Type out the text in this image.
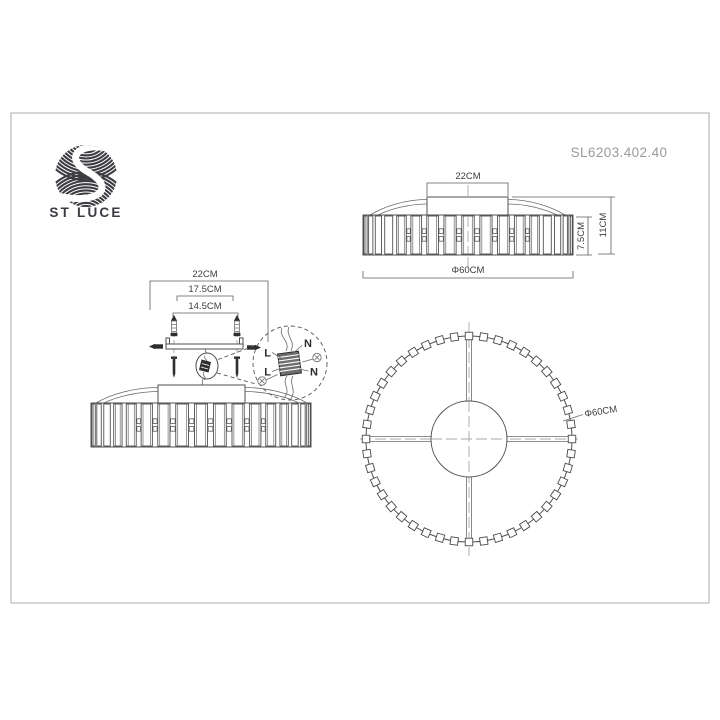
ST LUCE
SL6203.402.40
22CM
17.5CM
14.5CM
L
N
L	N
22CM
7.5CM 11CM
Φ60CM
Φ60CM
